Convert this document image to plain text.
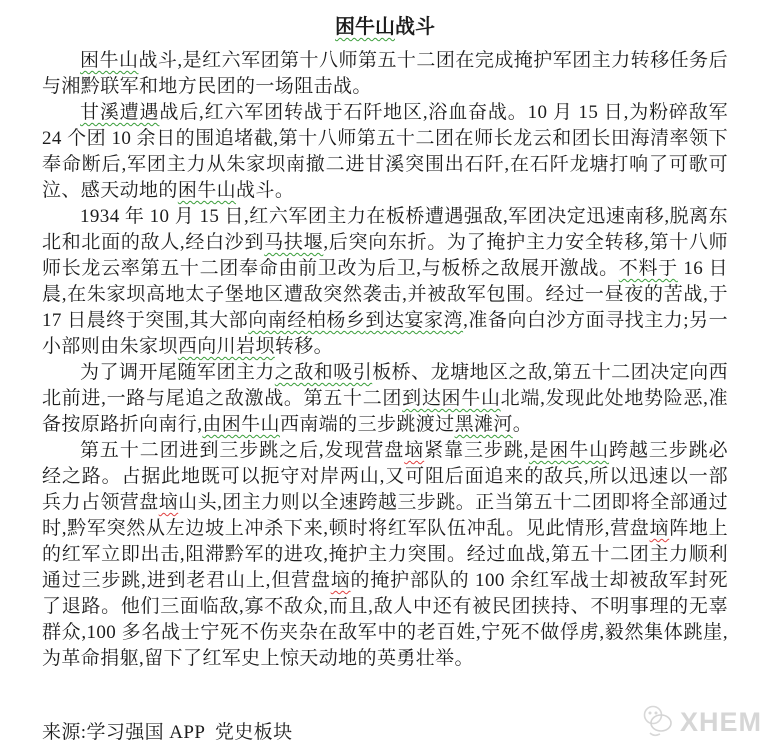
困牛山战斗

困牛山战斗,是红六军团第十八师第五十二团在完成掩护军团主力转移任务后与湘黔联军和地方民团的一场阻击战。

甘溪遭遇战后,红六军团转战于石阡地区,浴血奋战。10 月 15 日,为粉碎敌军 24 个团 10 余日的围追堵截,第十八师第五十二团在师长龙云和团长田海清率领下奉命断后,军团主力从朱家坝南撤二进甘溪突围出石阡,在石阡龙塘打响了可歌可泣、感天动地的困牛山战斗。

1934 年 10 月 15 日,红六军团主力在板桥遭遇强敌,军团决定迅速南移,脱离东北和北面的敌人,经白沙到马扶堰,后突向东折。为了掩护主力安全转移,第十八师师长龙云率第五十二团奉命由前卫改为后卫,与板桥之敌展开激战。不料于 16 日晨,在朱家坝高地太子堡地区遭敌突然袭击,并被敌军包围。经过一昼夜的苦战,于 17 日晨终于突围,其大部向南经柏杨乡到达宴家湾,准备向白沙方面寻找主力;另一小部则由朱家坝西向川岩坝转移。

为了调开尾随军团主力之敌和吸引板桥、龙塘地区之敌,第五十二团决定向西北前进,一路与尾追之敌激战。第五十二团到达困牛山北端,发现此处地势险恶,准备按原路折向南行,由困牛山西南端的三步跳渡过黑滩河。

第五十二团进到三步跳之后,发现营盘垴紧靠三步跳,是困牛山跨越三步跳必经之路。占据此地既可以扼守对岸两山,又可阻后面追来的敌兵,所以迅速以一部兵力占领营盘垴山头,团主力则以全速跨越三步跳。正当第五十二团即将全部通过时,黔军突然从左边坡上冲杀下来,顿时将红军队伍冲乱。见此情形,营盘垴阵地上的红军立即出击,阻滞黔军的进攻,掩护主力突围。经过血战,第五十二团主力顺利通过三步跳,进到老君山上,但营盘垴的掩护部队的 100 余红军战士却被敌军封死了退路。他们三面临敌,寡不敌众,而且,敌人中还有被民团挟持、不明事理的无辜群众,100 多名战士宁死不伤夹杂在敌军中的老百姓,宁死不做俘虏,毅然集体跳崖,为革命捐躯,留下了红军史上惊天动地的英勇壮举。

来源:学习强国 APP  党史板块	XHEM
